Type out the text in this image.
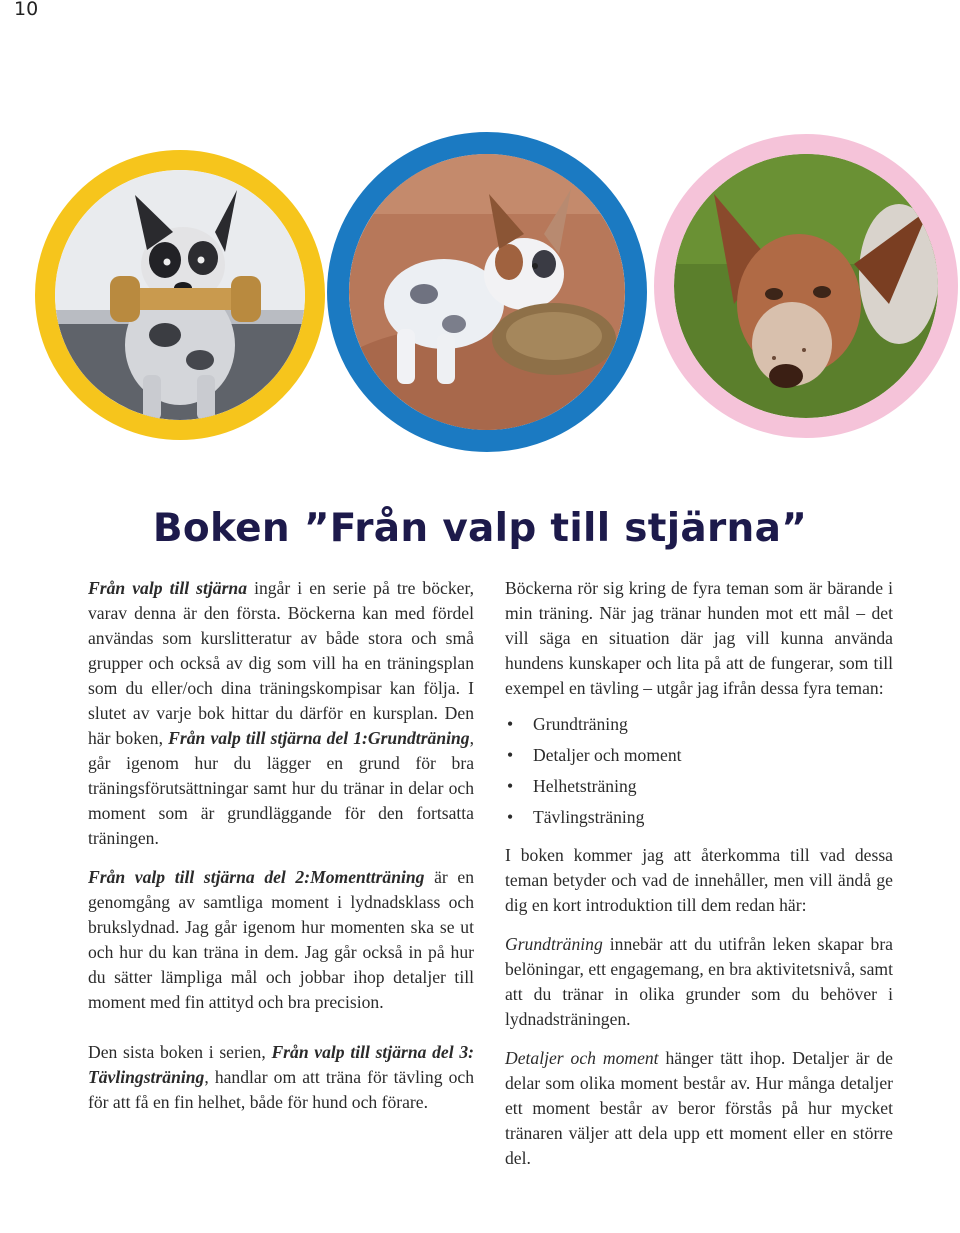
10
Boken ”Från valp till stjärna”

Från valp till stjärna ingår i en serie på tre böcker, varav denna är den första. Böckerna kan med fördel användas som kurslitteratur av både stora och små grupper och också av dig som vill ha en träningsplan som du eller/och dina träningskompisar kan följa. I slutet av varje bok hittar du därför en kursplan. Den här boken, Från valp till stjärna del 1:Grundträning, går igenom hur du lägger en grund för bra träningsförutsättningar samt hur du tränar in delar och moment som är grundläggande för den fortsatta träningen.

Från valp till stjärna del 2:Momentträning är en genomgång av samtliga moment i lydnadsklass och brukslydnad. Jag går igenom hur momenten ska se ut och hur du kan träna in dem. Jag går också in på hur du sätter lämpliga mål och jobbar ihop detaljer till moment med fin attityd och bra precision.

Den sista boken i serien, Från valp till stjärna del 3: Tävlingsträning, handlar om att träna för tävling och för att få en fin helhet, både för hund och förare.

Böckerna rör sig kring de fyra teman som är bärande i min träning. När jag tränar hunden mot ett mål – det vill säga en situation där jag vill kunna använda hundens kunskaper och lita på att de fungerar, som till exempel en tävling – utgår jag ifrån dessa fyra teman:

• Grundträning
• Detaljer och moment
• Helhetsträning
• Tävlingsträning

I boken kommer jag att återkomma till vad dessa teman betyder och vad de innehåller, men vill ändå ge dig en kort introduktion till dem redan här:

Grundträning innebär att du utifrån leken skapar bra belöningar, ett engagemang, en bra aktivitetsnivå, samt att du tränar in olika grunder som du behöver i lydnadsträningen.

Detaljer och moment hänger tätt ihop. Detaljer är de delar som olika moment består av. Hur många detaljer ett moment består av beror förstås på hur mycket tränaren väljer att dela upp ett moment eller en större del.
